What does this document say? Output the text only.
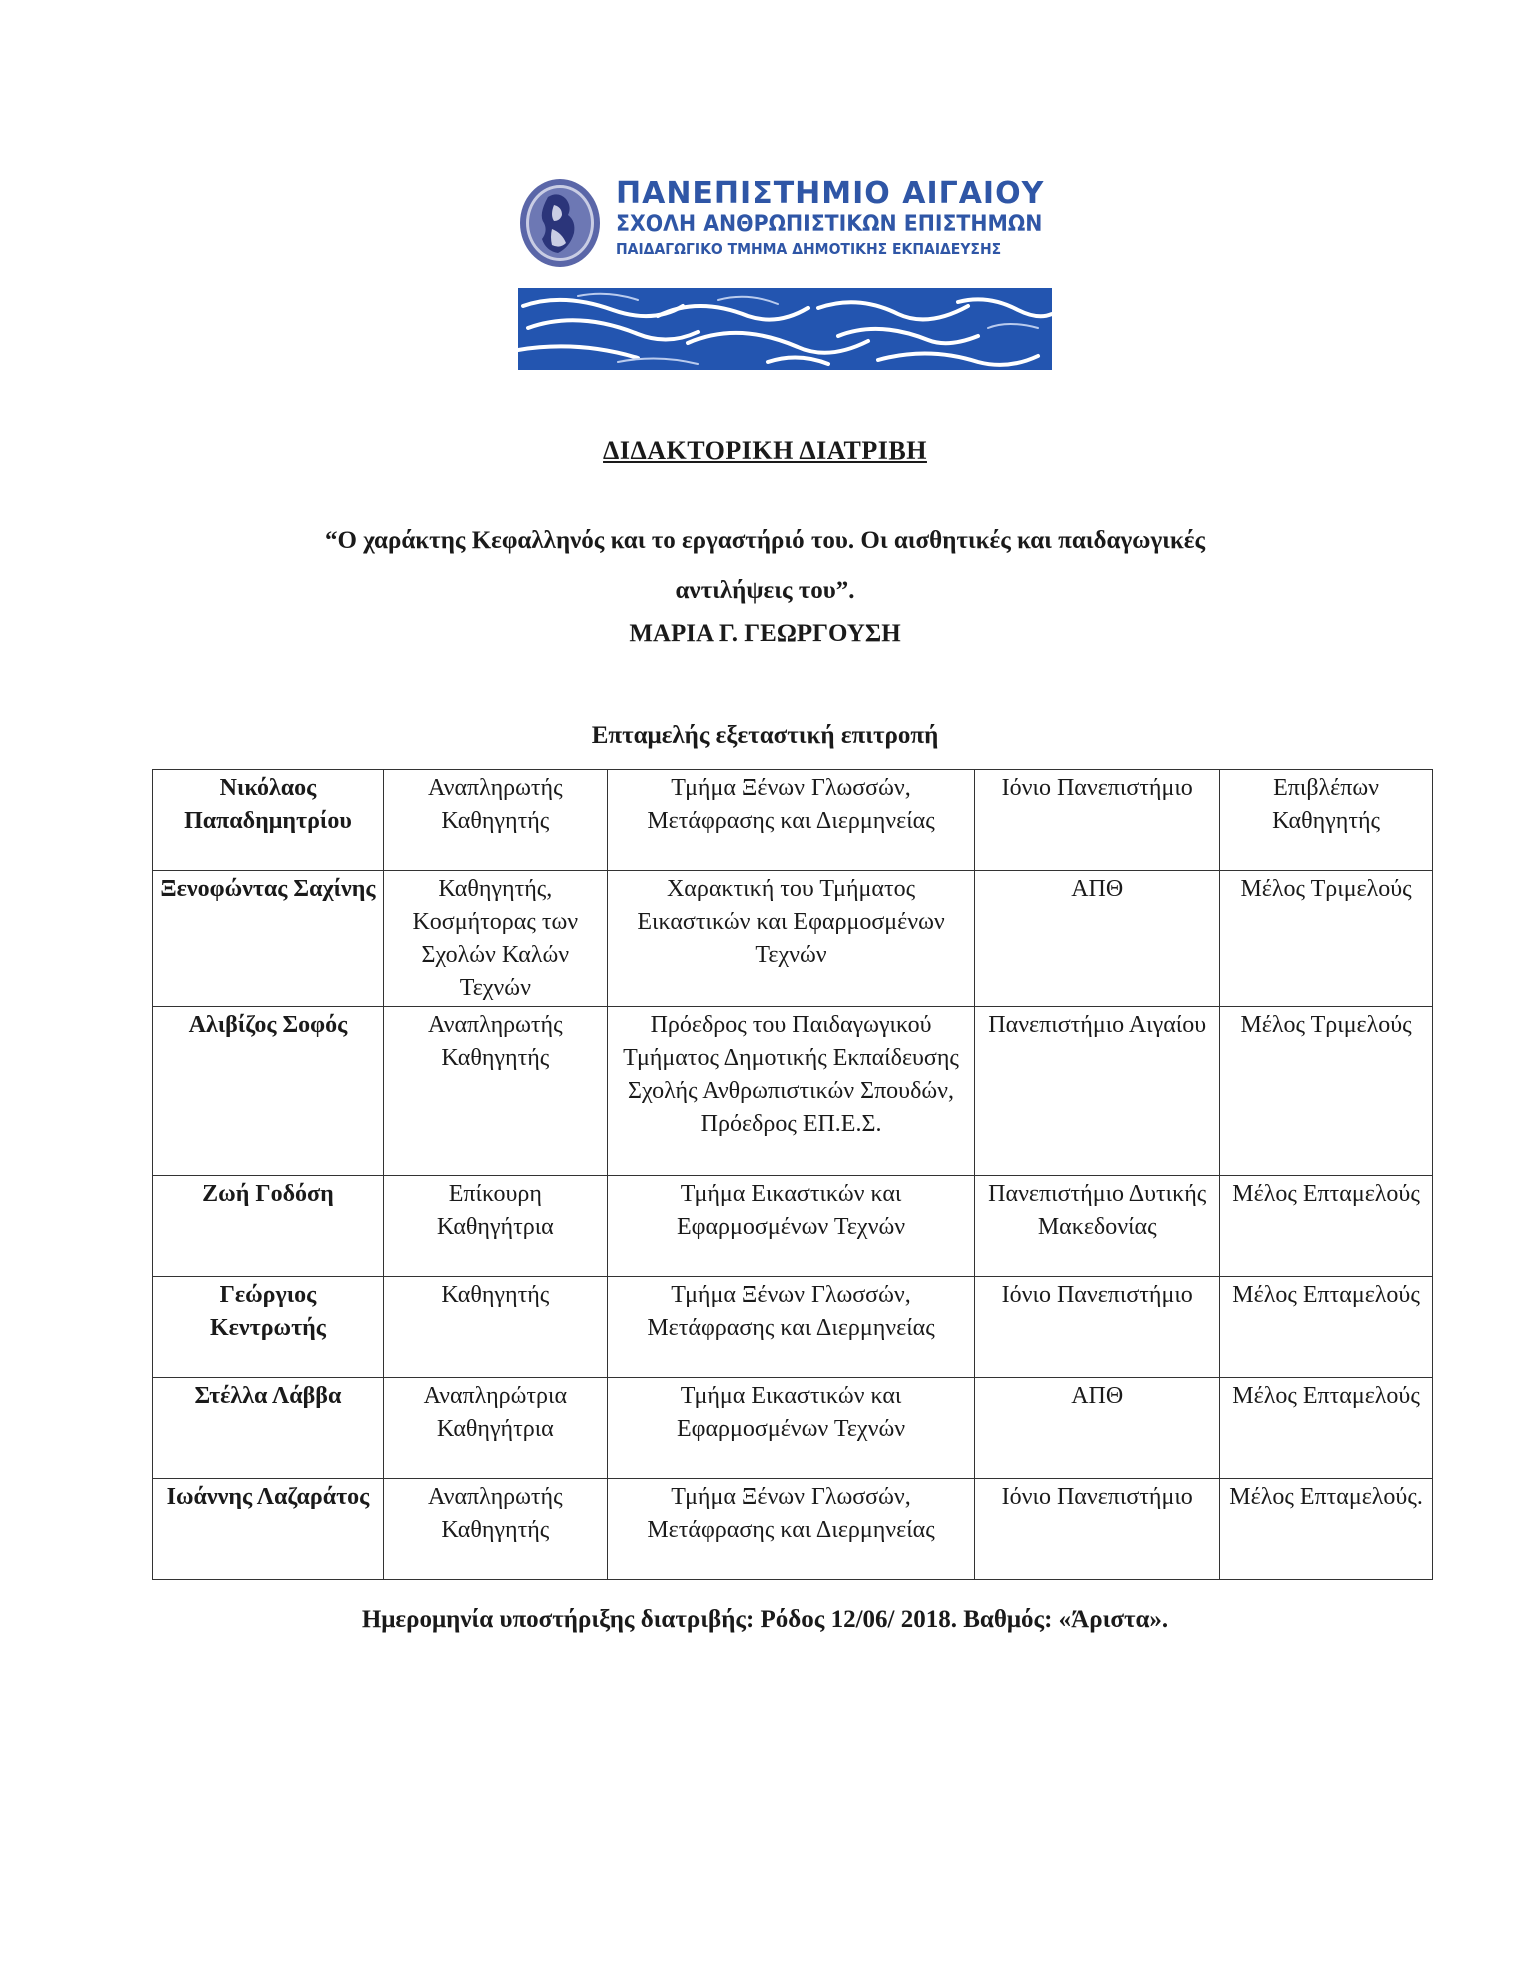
ΠΑΝΕΠΙΣΤΗΜΙΟ ΑΙΓΑΙΟΥ
ΣΧΟΛΗ ΑΝΘΡΩΠΙΣΤΙΚΩΝ ΕΠΙΣΤΗΜΩΝ
ΠΑΙΔΑΓΩΓΙΚΟ ΤΜΗΜΑ ΔΗΜΟΤΙΚΗΣ ΕΚΠΑΙΔΕΥΣΗΣ
ΔΙΔΑΚΤΟΡΙΚΗ ΔΙΑΤΡΙΒΗ
“Ο χαράκτης Κεφαλληνός και το εργαστήριό του. Οι αισθητικές και παιδαγωγικές
αντιλήψεις του”.
ΜΑΡΙΑ Γ. ΓΕΩΡΓΟΥΣΗ
Επταμελής εξεταστική επιτροπή
Νικόλαος Παπαδημητρίου	Αναπληρωτής Καθηγητής	Τμήμα Ξένων Γλωσσών, Μετάφρασης και Διερμηνείας	Ιόνιο Πανεπιστήμιο	Επιβλέπων Καθηγητής
Ξενοφώντας Σαχίνης	Καθηγητής, Κοσμήτορας των Σχολών Καλών Τεχνών	Χαρακτική του Τμήματος Εικαστικών και Εφαρμοσμένων Τεχνών	ΑΠΘ	Μέλος Τριμελούς
Αλιβίζος Σοφός	Αναπληρωτής Καθηγητής	Πρόεδρος του Παιδαγωγικού Τμήματος Δημοτικής Εκπαίδευσης Σχολής Ανθρωπιστικών Σπουδών, Πρόεδρος ΕΠ.Ε.Σ.	Πανεπιστήμιο Αιγαίου	Μέλος Τριμελούς
Ζωή Γοδόση	Επίκουρη Καθηγήτρια	Τμήμα Εικαστικών και Εφαρμοσμένων Τεχνών	Πανεπιστήμιο Δυτικής Μακεδονίας	Μέλος Επταμελούς
Γεώργιος Κεντρωτής	Καθηγητής	Τμήμα Ξένων Γλωσσών, Μετάφρασης και Διερμηνείας	Ιόνιο Πανεπιστήμιο	Μέλος Επταμελούς
Στέλλα Λάββα	Αναπληρώτρια Καθηγήτρια	Τμήμα Εικαστικών και Εφαρμοσμένων Τεχνών	ΑΠΘ	Μέλος Επταμελούς
Ιωάννης Λαζαράτος	Αναπληρωτής Καθηγητής	Τμήμα Ξένων Γλωσσών, Μετάφρασης και Διερμηνείας	Ιόνιο Πανεπιστήμιο	Μέλος Επταμελούς.
Ημερομηνία υποστήριξης διατριβής: Ρόδος 12/06/ 2018. Βαθμός: «Άριστα».
